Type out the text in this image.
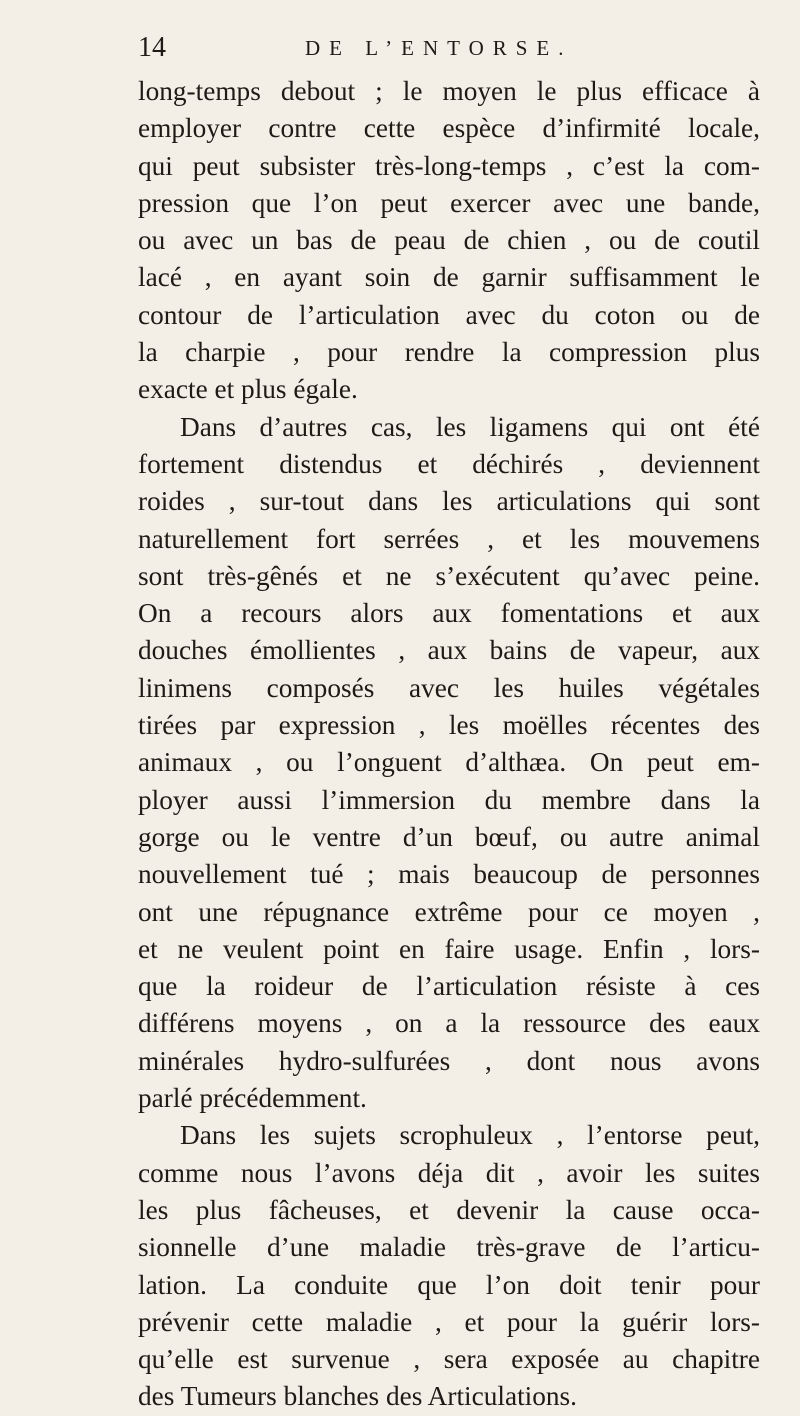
14	DE L’ENTORSE.
long-temps debout ; le moyen le plus efficace à
employer contre cette espèce d’infirmité locale,
qui peut subsister très-long-temps , c’est la com-
pression que l’on peut exercer avec une bande,
ou avec un bas de peau de chien , ou de coutil
lacé , en ayant soin de garnir suffisamment le
contour de l’articulation avec du coton ou de
la charpie , pour rendre la compression plus
exacte et plus égale.
Dans d’autres cas, les ligamens qui ont été
fortement distendus et déchirés , deviennent
roides , sur-tout dans les articulations qui sont
naturellement fort serrées , et les mouvemens
sont très-gênés et ne s’exécutent qu’avec peine.
On a recours alors aux fomentations et aux
douches émollientes , aux bains de vapeur, aux
linimens composés avec les huiles végétales
tirées par expression , les moëlles récentes des
animaux , ou l’onguent d’althæa. On peut em-
ployer aussi l’immersion du membre dans la
gorge ou le ventre d’un bœuf, ou autre animal
nouvellement tué ; mais beaucoup de personnes
ont une répugnance extrême pour ce moyen ,
et ne veulent point en faire usage. Enfin , lors-
que la roideur de l’articulation résiste à ces
différens moyens , on a la ressource des eaux
minérales hydro-sulfurées , dont nous avons
parlé précédemment.
Dans les sujets scrophuleux , l’entorse peut,
comme nous l’avons déja dit , avoir les suites
les plus fâcheuses, et devenir la cause occa-
sionnelle d’une maladie très-grave de l’articu-
lation. La conduite que l’on doit tenir pour
prévenir cette maladie , et pour la guérir lors-
qu’elle est survenue , sera exposée au chapitre
des Tumeurs blanches des Articulations.
